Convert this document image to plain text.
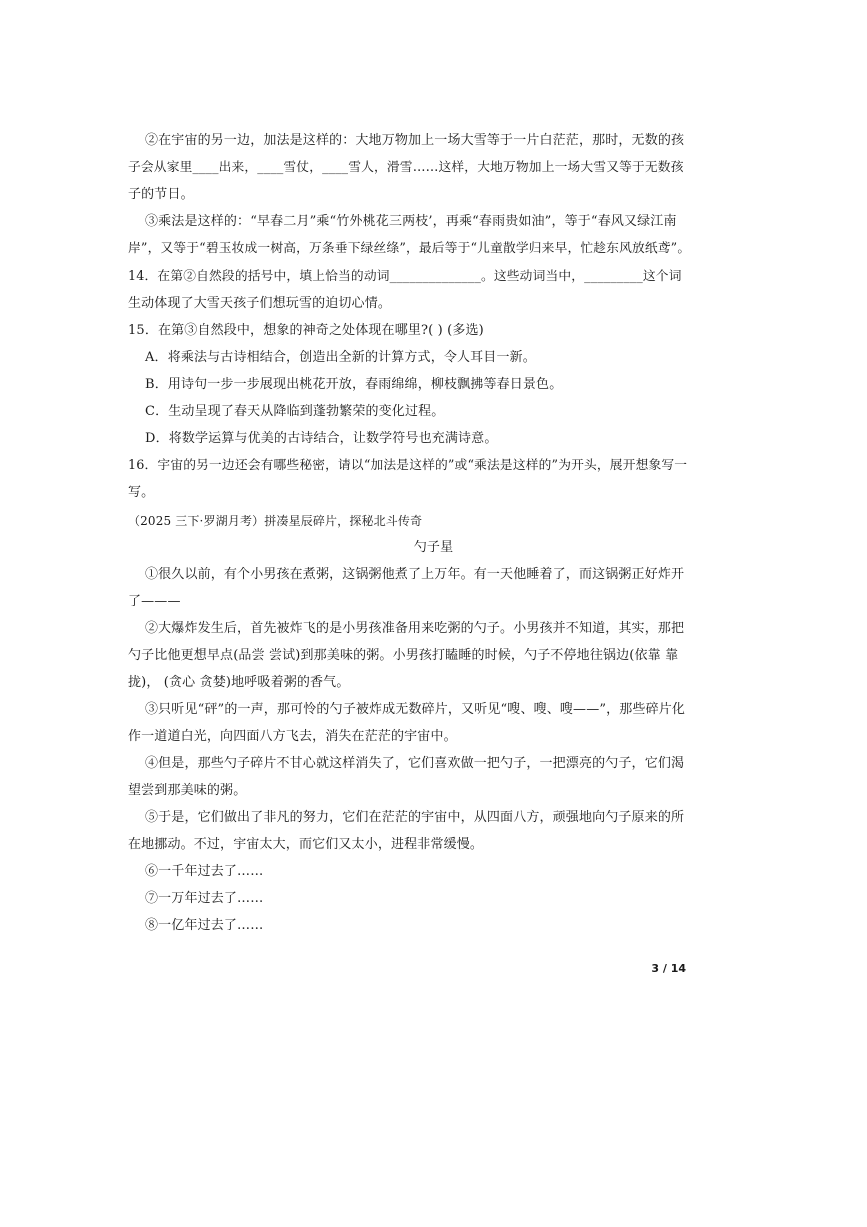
②在宇宙的另一边，加法是这样的：大地万物加上一场大雪等于一片白茫茫，那时，无数的孩
子会从家里____出来，____雪仗，____雪人，滑雪……这样，大地万物加上一场大雪又等于无数孩
子的节日。
③乘法是这样的：“早春二月”乘“竹外桃花三两枝’，再乘“春雨贵如油”，等于“春风又绿江南
岸”，又等于“碧玉妆成一树高，万条垂下绿丝绦”，最后等于“儿童散学归来早，忙趁东风放纸鸢”。
14．在第②自然段的括号中，填上恰当的动词______________。这些动词当中，_________这个词
生动体现了大雪天孩子们想玩雪的迫切心情。
15．在第③自然段中，想象的神奇之处体现在哪里?( ) (多选)
A．将乘法与古诗相结合，创造出全新的计算方式，令人耳目一新。
B．用诗句一步一步展现出桃花开放，春雨绵绵，柳枝飘拂等春日景色。
C．生动呈现了春天从降临到蓬勃繁荣的变化过程。
D．将数学运算与优美的古诗结合，让数学符号也充满诗意。
16．宇宙的另一边还会有哪些秘密，请以“加法是这样的”或“乘法是这样的”为开头，展开想象写一
写。
（2025 三下·罗湖月考）拼凑星辰碎片，探秘北斗传奇
勺子星
①很久以前，有个小男孩在煮粥，这锅粥他煮了上万年。有一天他睡着了，而这锅粥正好炸开
了———
②大爆炸发生后，首先被炸飞的是小男孩准备用来吃粥的勺子。小男孩并不知道，其实，那把
勺子比他更想早点(品尝 尝试)到那美味的粥。小男孩打瞌睡的时候，勺子不停地往锅边(依靠 靠
拢)， (贪心 贪婪)地呼吸着粥的香气。
③只听见“砰”的一声，那可怜的勺子被炸成无数碎片，又听见“嗖、嗖、嗖——”，那些碎片化
作一道道白光，向四面八方飞去，消失在茫茫的宇宙中。
④但是，那些勺子碎片不甘心就这样消失了，它们喜欢做一把勺子，一把漂亮的勺子，它们渴
望尝到那美味的粥。
⑤于是，它们做出了非凡的努力，它们在茫茫的宇宙中，从四面八方，顽强地向勺子原来的所
在地挪动。不过，宇宙太大，而它们又太小，进程非常缓慢。
⑥一千年过去了……
⑦一万年过去了……
⑧一亿年过去了……
3 / 14
